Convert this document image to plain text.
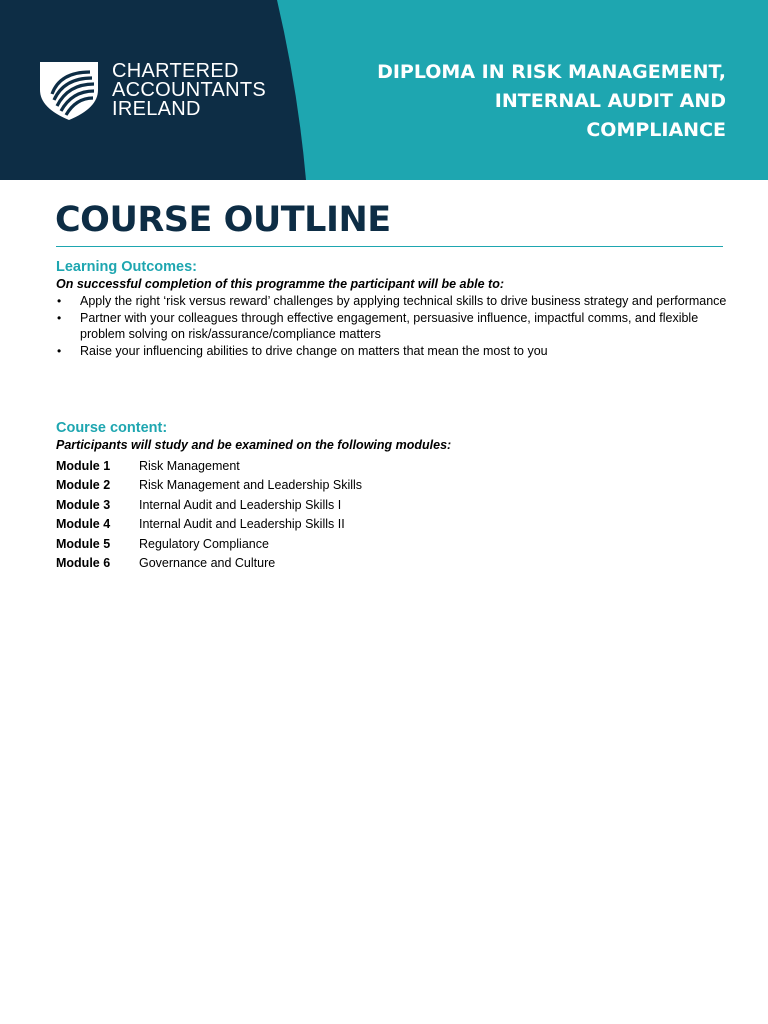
CHARTERED
ACCOUNTANTS
IRELAND
DIPLOMA IN RISK MANAGEMENT,
INTERNAL AUDIT AND
COMPLIANCE
COURSE OUTLINE

Learning Outcomes:

On successful completion of this programme the participant will be able to:

• Apply the right ‘risk versus reward’ challenges by applying technical skills to drive business strategy and performance
• Partner with your colleagues through effective engagement, persuasive influence, impactful comms, and flexible problem solving on risk/assurance/compliance matters
• Raise your influencing abilities to drive change on matters that mean the most to you

Course content:

Participants will study and be examined on the following modules:

Module 1	Risk Management
Module 2	Risk Management and Leadership Skills
Module 3	Internal Audit and Leadership Skills I
Module 4	Internal Audit and Leadership Skills II
Module 5	Regulatory Compliance
Module 6	Governance and Culture
